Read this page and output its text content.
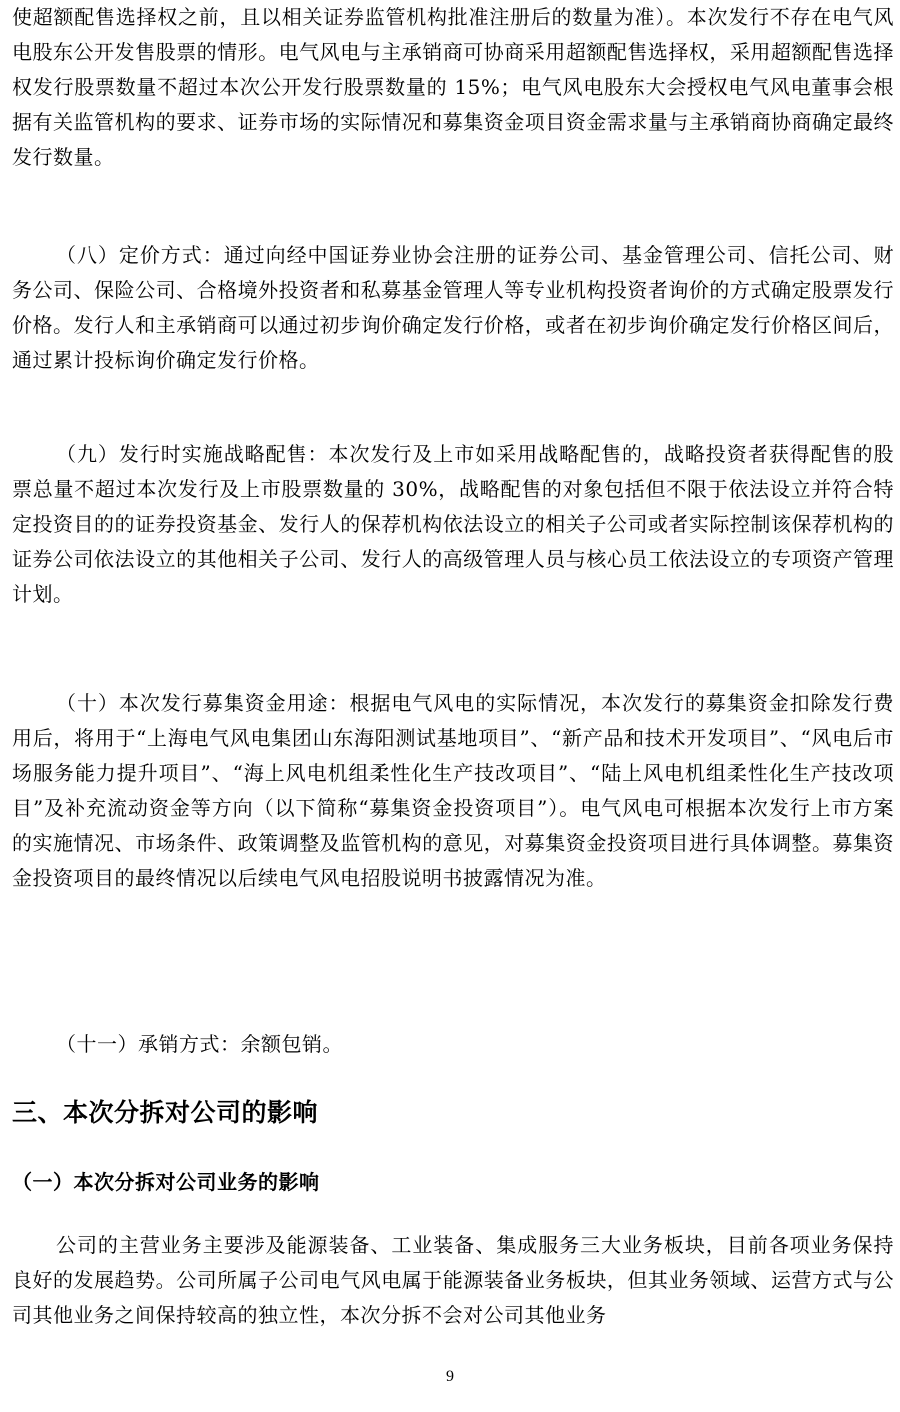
使超额配售选择权之前，且以相关证券监管机构批准注册后的数量为准）。本次发行不存在电气风电股东公开发售股票的情形。电气风电与主承销商可协商采用超额配售选择权，采用超额配售选择权发行股票数量不超过本次公开发行股票数量的 15%；电气风电股东大会授权电气风电董事会根据有关监管机构的要求、证券市场的实际情况和募集资金项目资金需求量与主承销商协商确定最终发行数量。

（八）定价方式：通过向经中国证券业协会注册的证券公司、基金管理公司、信托公司、财务公司、保险公司、合格境外投资者和私募基金管理人等专业机构投资者询价的方式确定股票发行价格。发行人和主承销商可以通过初步询价确定发行价格，或者在初步询价确定发行价格区间后，通过累计投标询价确定发行价格。

（九）发行时实施战略配售：本次发行及上市如采用战略配售的，战略投资者获得配售的股票总量不超过本次发行及上市股票数量的 30%，战略配售的对象包括但不限于依法设立并符合特定投资目的的证券投资基金、发行人的保荐机构依法设立的相关子公司或者实际控制该保荐机构的证券公司依法设立的其他相关子公司、发行人的高级管理人员与核心员工依法设立的专项资产管理计划。

（十）本次发行募集资金用途：根据电气风电的实际情况，本次发行的募集资金扣除发行费用后，将用于“上海电气风电集团山东海阳测试基地项目”、“新产品和技术开发项目”、“风电后市场服务能力提升项目”、“海上风电机组柔性化生产技改项目”、“陆上风电机组柔性化生产技改项目”及补充流动资金等方向（以下简称“募集资金投资项目”）。电气风电可根据本次发行上市方案的实施情况、市场条件、政策调整及监管机构的意见，对募集资金投资项目进行具体调整。募集资金投资项目的最终情况以后续电气风电招股说明书披露情况为准。

（十一）承销方式：余额包销。

三、本次分拆对公司的影响
（一）本次分拆对公司业务的影响

公司的主营业务主要涉及能源装备、工业装备、集成服务三大业务板块，目前各项业务保持良好的发展趋势。公司所属子公司电气风电属于能源装备业务板块，但其业务领域、运营方式与公司其他业务之间保持较高的独立性，本次分拆不会对公司其他业务

9
